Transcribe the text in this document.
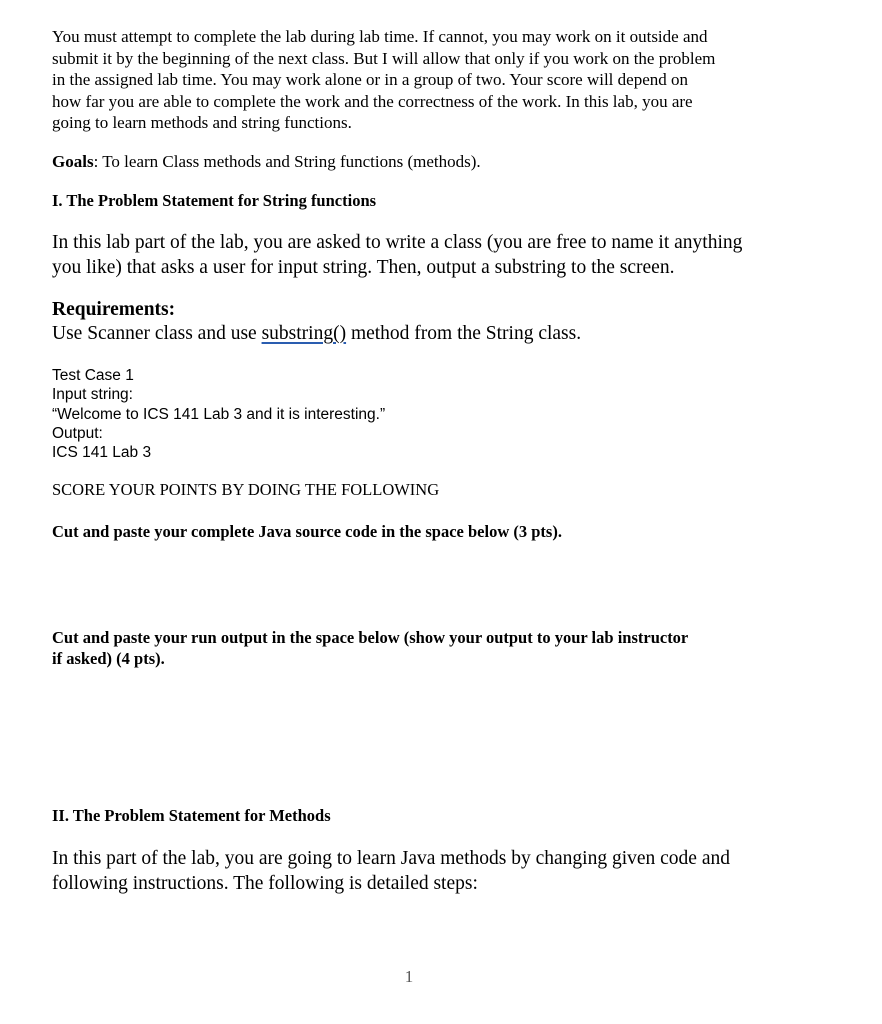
You must attempt to complete the lab during lab time. If cannot, you may work on it outside and
submit it by the beginning of the next class. But I will allow that only if you work on the problem
in the assigned lab time. You may work alone or in a group of two. Your score will depend on
how far you are able to complete the work and the correctness of the work. In this lab, you are
going to learn methods and string functions.

Goals: To learn Class methods and String functions (methods).

I. The Problem Statement for String functions

In this lab part of the lab, you are asked to write a class (you are free to name it anything
you like) that asks a user for input string. Then, output a substring to the screen.

Requirements:

Use Scanner class and use substring() method from the String class.

Test Case 1
Input string:
“Welcome to ICS 141 Lab 3 and it is interesting.”
Output:
ICS 141 Lab 3

SCORE YOUR POINTS BY DOING THE FOLLOWING

Cut and paste your complete Java source code in the space below (3 pts).

Cut and paste your run output in the space below (show your output to your lab instructor
if asked) (4 pts).

II. The Problem Statement for Methods

In this part of the lab, you are going to learn Java methods by changing given code and
following instructions. The following is detailed steps:

1
